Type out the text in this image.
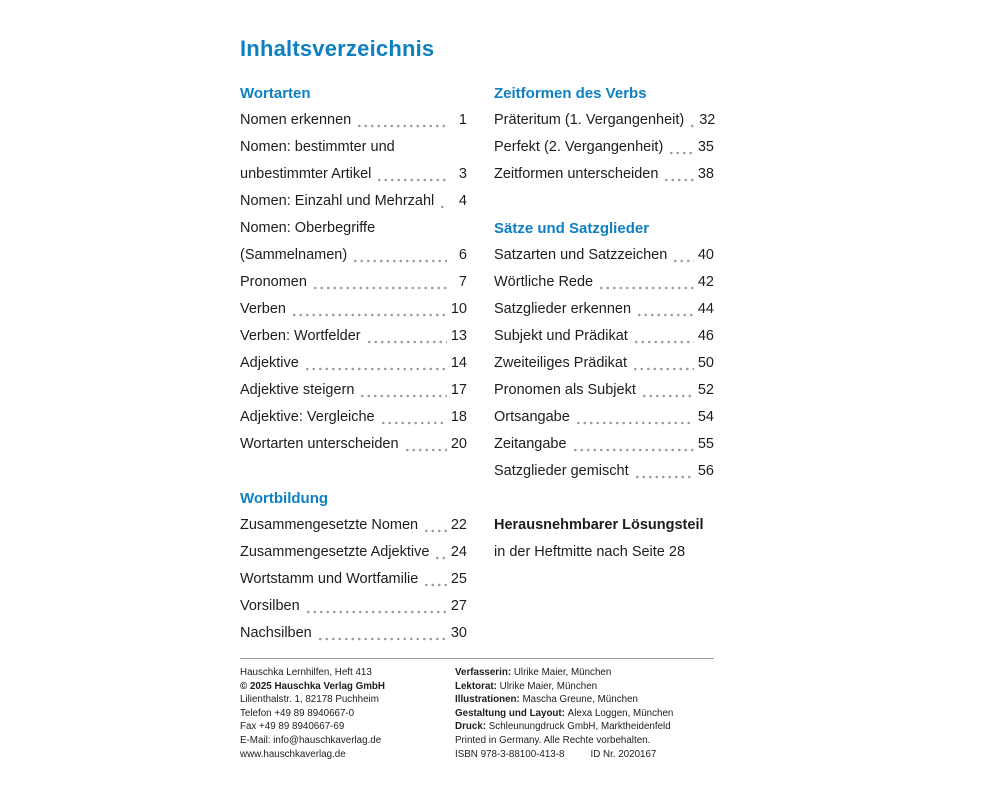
Inhaltsverzeichnis
Wortarten
Nomen erkennen	1
Nomen: bestimmter und
unbestimmter Artikel	3
Nomen: Einzahl und Mehrzahl	4
Nomen: Oberbegriffe
(Sammelnamen)	6
Pronomen	7
Verben	10
Verben: Wortfelder	13
Adjektive	14
Adjektive steigern	17
Adjektive: Vergleiche	18
Wortarten unterscheiden	20
Wortbildung
Zusammengesetzte Nomen 22
Zusammengesetzte Adjektive 24
Wortstamm und Wortfamilie 25
Vorsilben	27
Nachsilben	30
Zeitformen des Verbs
Präteritum (1. Vergangenheit) 32
Perfekt (2. Vergangenheit) 35
Zeitformen unterscheiden	38
Sätze und Satzglieder
Satzarten und Satzzeichen 40
Wörtliche Rede	42
Satzglieder erkennen	44
Subjekt und Prädikat	46
Zweiteiliges Prädikat	50
Pronomen als Subjekt	52
Ortsangabe	54
Zeitangabe	55
Satzglieder gemischt	56
Herausnehmbarer Lösungsteil
in der Heftmitte nach Seite 28
Hauschka Lernhilfen, Heft 413
© 2025 Hauschka Verlag GmbH
Lilienthalstr. 1, 82178 Puchheim
Telefon +49 89 8940667-0
Fax +49 89 8940667-69
E-Mail: info@hauschkaverlag.de
www.hauschkaverlag.de
Verfasserin: Ulrike Maier, München
Lektorat: Ulrike Maier, München
Illustrationen: Mascha Greune, München
Gestaltung und Layout: Alexa Loggen, München
Druck: Schleunungdruck GmbH, Marktheidenfeld
Printed in Germany. Alle Rechte vorbehalten.
ISBN 978-3-88100-413-8	ID Nr. 2020167
